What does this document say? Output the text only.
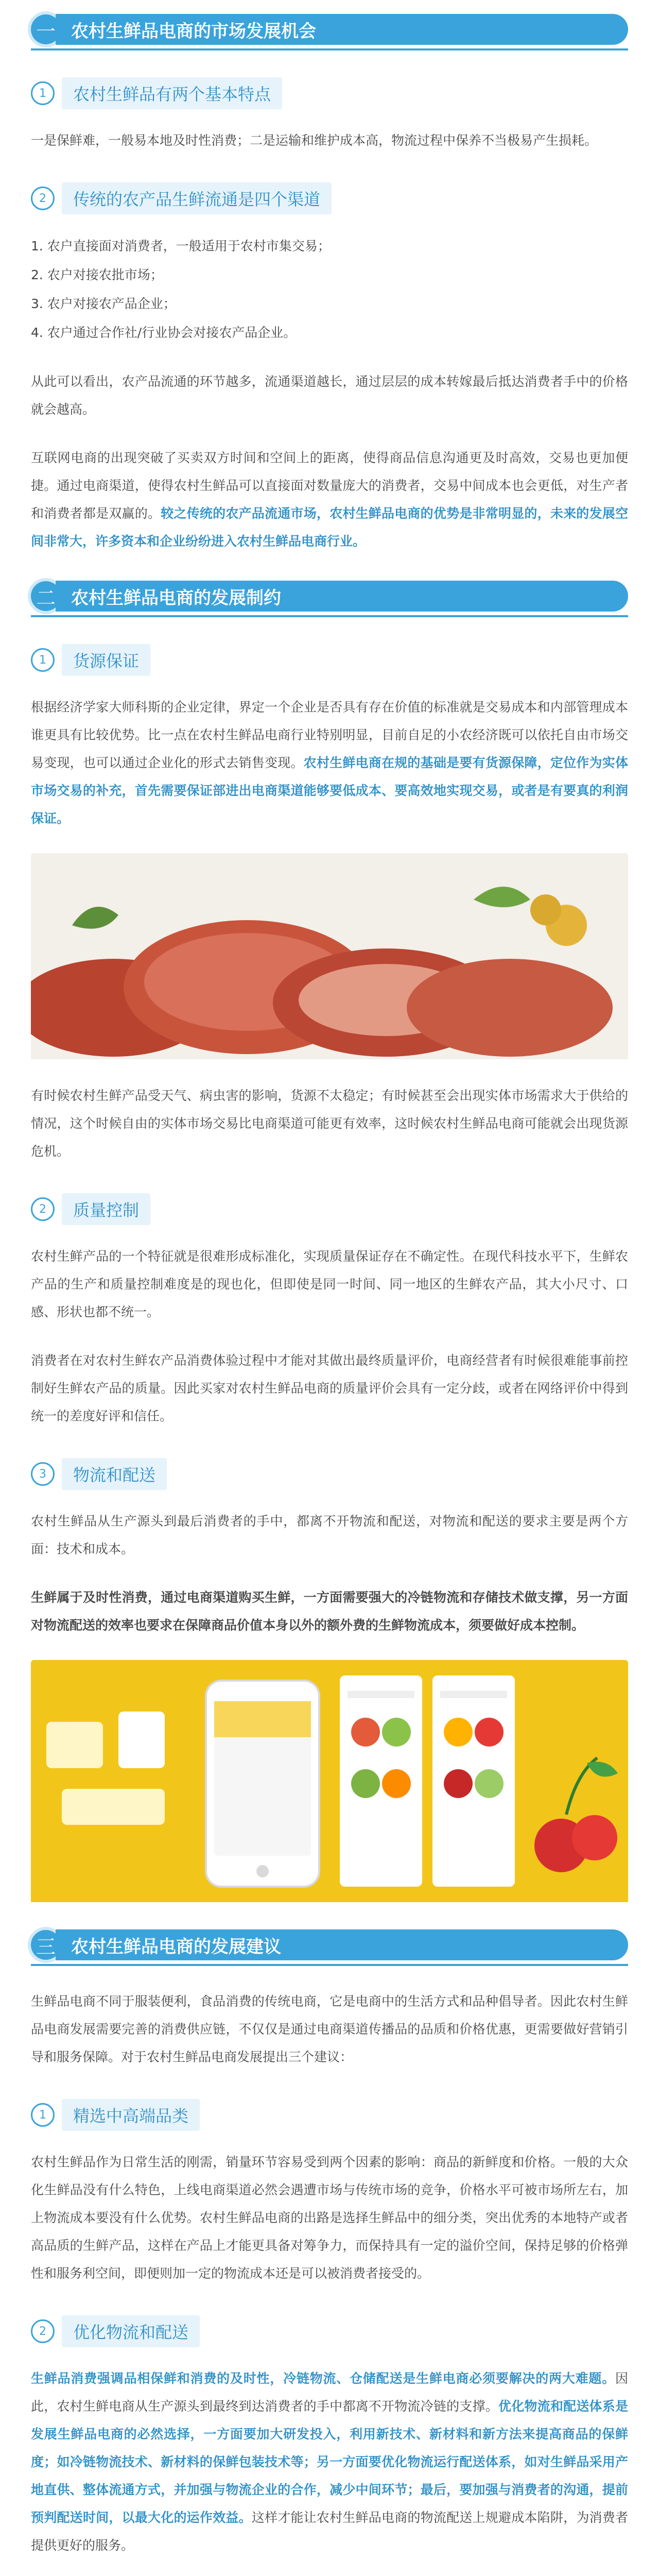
一 农村生鲜品电商的市场发展机会
1	农村生鲜品有两个基本特点

一是保鲜难，一般易本地及时性消费；二是运输和维护成本高，物流过程中保养不当极易产生损耗。

2	传统的农产品生鲜流通是四个渠道
1. 农户直接面对消费者，一般适用于农村市集交易；
2. 农户对接农批市场；
3. 农户对接农产品企业；
4. 农户通过合作社/行业协会对接农产品企业。

从此可以看出，农产品流通的环节越多，流通渠道越长，通过层层的成本转嫁最后抵达消费者手中的价格就会越高。

互联网电商的出现突破了买卖双方时间和空间上的距离，使得商品信息沟通更及时高效，交易也更加便捷。通过电商渠道，使得农村生鲜品可以直接面对数量庞大的消费者，交易中间成本也会更低，对生产者和消费者都是双赢的。较之传统的农产品流通市场，农村生鲜品电商的优势是非常明显的，未来的发展空间非常大，许多资本和企业纷纷进入农村生鲜品电商行业。

二 农村生鲜品电商的发展制约
1	货源保证

根据经济学家大师科斯的企业定律，界定一个企业是否具有存在价值的标准就是交易成本和内部管理成本谁更具有比较优势。比一点在农村生鲜品电商行业特别明显，目前自足的小农经济既可以依托自由市场交易变现，也可以通过企业化的形式去销售变现。农村生鲜电商在规的基础是要有货源保障，定位作为实体市场交易的补充，首先需要保证部进出电商渠道能够要低成本、要高效地实现交易，或者是有要真的利润保证。

有时候农村生鲜产品受天气、病虫害的影响，货源不太稳定；有时候甚至会出现实体市场需求大于供给的情况，这个时候自由的实体市场交易比电商渠道可能更有效率，这时候农村生鲜品电商可能就会出现货源危机。

2	质量控制

农村生鲜产品的一个特征就是很难形成标准化，实现质量保证存在不确定性。在现代科技水平下，生鲜农产品的生产和质量控制难度是的现也化，但即使是同一时间、同一地区的生鲜农产品，其大小尺寸、口感、形状也都不统一。

消费者在对农村生鲜农产品消费体验过程中才能对其做出最终质量评价，电商经营者有时候很难能事前控制好生鲜农产品的质量。因此买家对农村生鲜品电商的质量评价会具有一定分歧，或者在网络评价中得到统一的差度好评和信任。

3	物流和配送

农村生鲜品从生产源头到最后消费者的手中，都离不开物流和配送，对物流和配送的要求主要是两个方面：技术和成本。

生鲜属于及时性消费，通过电商渠道购买生鲜，一方面需要强大的冷链物流和存储技术做支撑，另一方面对物流配送的效率也要求在保障商品价值本身以外的额外费的生鲜物流成本，须要做好成本控制。

三 农村生鲜品电商的发展建议

生鲜品电商不同于服装便利，食品消费的传统电商，它是电商中的生活方式和品种倡导者。因此农村生鲜品电商发展需要完善的消费供应链，不仅仅是通过电商渠道传播品的品质和价格优惠，更需要做好营销引导和服务保障。对于农村生鲜品电商发展提出三个建议：

1	精选中高端品类

农村生鲜品作为日常生活的刚需，销量环节容易受到两个因素的影响：商品的新鲜度和价格。一般的大众化生鲜品没有什么特色，上线电商渠道必然会遇遭市场与传统市场的竞争，价格水平可被市场所左右，加上物流成本要没有什么优势。农村生鲜品电商的出路是选择生鲜品中的细分类，突出优秀的本地特产或者高品质的生鲜产品，这样在产品上才能更具备对筹争力，而保持具有一定的溢价空间，保持足够的价格弹性和服务利空间，即便则加一定的物流成本还是可以被消费者接受的。

2	优化物流和配送

生鲜品消费强调品相保鲜和消费的及时性，冷链物流、仓储配送是生鲜电商必须要解决的两大难题。因此，农村生鲜电商从生产源头到最终到达消费者的手中都离不开物流冷链的支撑。优化物流和配送体系是发展生鲜品电商的必然选择，一方面要加大研发投入，利用新技术、新材料和新方法来提高商品的保鲜度；如冷链物流技术、新材料的保鲜包装技术等；另一方面要优化物流运行配送体系，如对生鲜品采用产地直供、整体流通方式，并加强与物流企业的合作，减少中间环节；最后，要加强与消费者的沟通，提前预判配送时间，以最大化的运作效益。这样才能让农村生鲜品电商的物流配送上规避成本陷阱，为消费者提供更好的服务。
